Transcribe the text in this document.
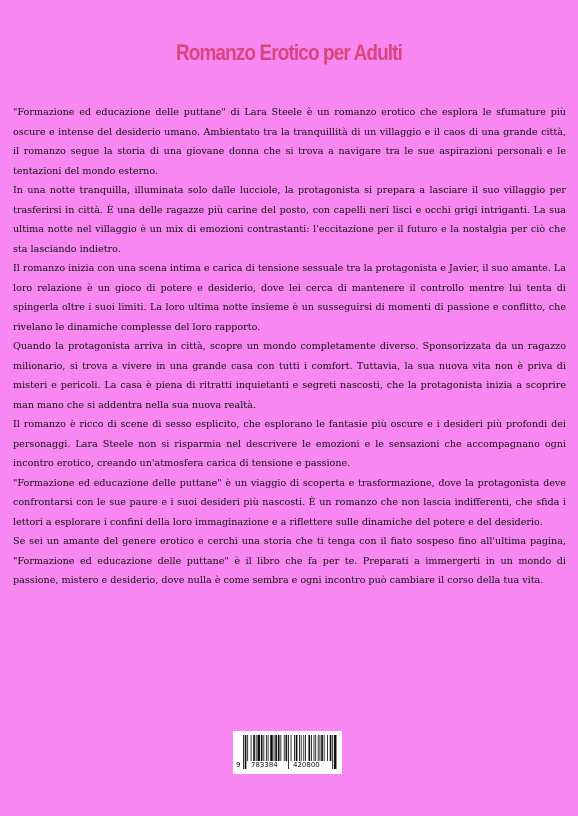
Romanzo Erotico per Adulti

"Formazione ed educazione delle puttane" di Lara Steele è un romanzo erotico che esplora le sfumature più oscure e intense del desiderio umano. Ambientato tra la tranquillità di un villaggio e il caos di una grande città, il romanzo segue la storia di una giovane donna che si trova a navigare tra le sue aspirazioni personali e le tentazioni del mondo esterno.

In una notte tranquilla, illuminata solo dalle lucciole, la protagonista si prepara a lasciare il suo villaggio per trasferirsi in città. È una delle ragazze più carine del posto, con capelli neri lisci e occhi grigi intriganti. La sua ultima notte nel villaggio è un mix di emozioni contrastanti: l'eccitazione per il futuro e la nostalgia per ciò che sta lasciando indietro.

Il romanzo inizia con una scena intima e carica di tensione sessuale tra la protagonista e Javier, il suo amante. La loro relazione è un gioco di potere e desiderio, dove lei cerca di mantenere il controllo mentre lui tenta di spingerla oltre i suoi limiti. La loro ultima notte insieme è un susseguirsi di momenti di passione e conflitto, che rivelano le dinamiche complesse del loro rapporto.

Quando la protagonista arriva in città, scopre un mondo completamente diverso. Sponsorizzata da un ragazzo milionario, si trova a vivere in una grande casa con tutti i comfort. Tuttavia, la sua nuova vita non è priva di misteri e pericoli. La casa è piena di ritratti inquietanti e segreti nascosti, che la protagonista inizia a scoprire man mano che si addentra nella sua nuova realtà.

Il romanzo è ricco di scene di sesso esplicito, che esplorano le fantasie più oscure e i desideri più profondi dei personaggi. Lara Steele non si risparmia nel descrivere le emozioni e le sensazioni che accompagnano ogni incontro erotico, creando un'atmosfera carica di tensione e passione.

"Formazione ed educazione delle puttane" è un viaggio di scoperta e trasformazione, dove la protagonista deve confrontarsi con le sue paure e i suoi desideri più nascosti. È un romanzo che non lascia indifferenti, che sfida i lettori a esplorare i confini della loro immaginazione e a riflettere sulle dinamiche del potere e del desiderio.

Se sei un amante del genere erotico e cerchi una storia che ti tenga con il fiato sospeso fino all'ultima pagina, "Formazione ed educazione delle puttane" è il libro che fa per te. Preparati a immergerti in un mondo di passione, mistero e desiderio, dove nulla è come sembra e ogni incontro può cambiare il corso della tua vita.

9 783384 420800
